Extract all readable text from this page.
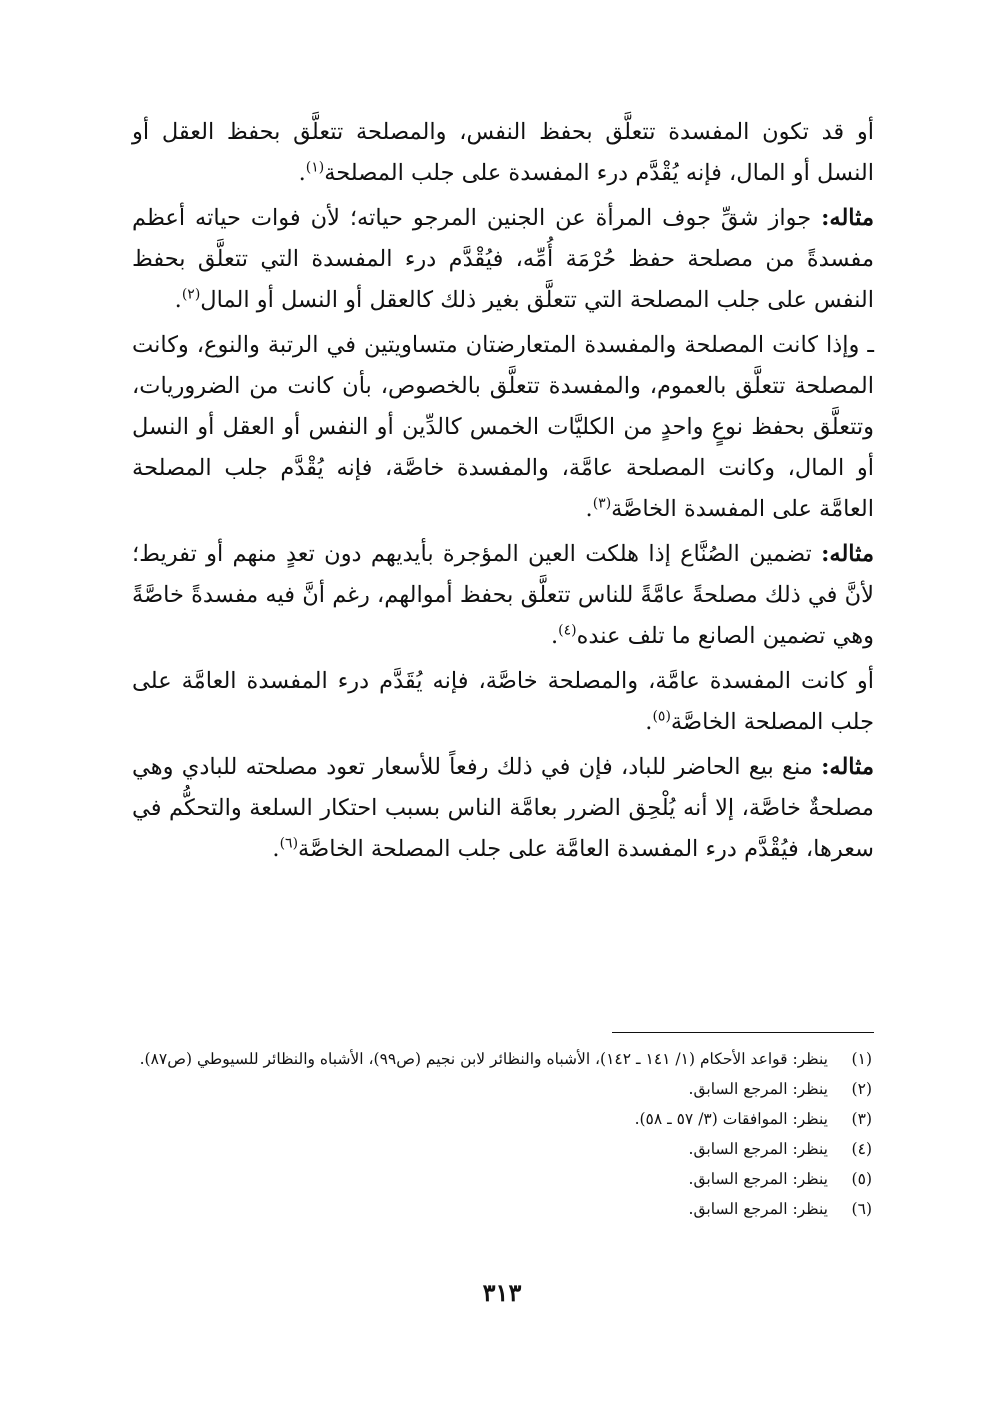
أو قد تكون المفسدة تتعلَّق بحفظ النفس، والمصلحة تتعلَّق بحفظ العقل أو النسل أو المال، فإنه يُقْدَّم درء المفسدة على جلب المصلحة$^{(١)}$.

مثاله: جواز شقِّ جوف المرأة عن الجنين المرجو حياته؛ لأن فوات حياته أعظم مفسدةً من مصلحة حفظ حُرْمَة أُمِّه، فيُقْدَّم درء المفسدة التي تتعلَّق بحفظ النفس على جلب المصلحة التي تتعلَّق بغير ذلك كالعقل أو النسل أو المال$^{(٢)}$.

ـ وإذا كانت المصلحة والمفسدة المتعارضتان متساويتين في الرتبة والنوع، وكانت المصلحة تتعلَّق بالعموم، والمفسدة تتعلَّق بالخصوص، بأن كانت من الضروريات، وتتعلَّق بحفظ نوعٍ واحدٍ من الكليَّات الخمس كالدِّين أو النفس أو العقل أو النسل أو المال، وكانت المصلحة عامَّة، والمفسدة خاصَّة، فإنه يُقْدَّم جلب المصلحة العامَّة على المفسدة الخاصَّة$^{(٣)}$.

مثاله: تضمين الصُنَّاع إذا هلكت العين المؤجرة بأيديهم دون تعدٍ منهم أو تفريط؛ لأنَّ في ذلك مصلحةً عامَّةً للناس تتعلَّق بحفظ أموالهم، رغم أنَّ فيه مفسدةً خاصَّةً وهي تضمين الصانع ما تلف عنده$^{(٤)}$.

أو كانت المفسدة عامَّة، والمصلحة خاصَّة، فإنه يُقَدَّم درء المفسدة العامَّة على جلب المصلحة الخاصَّة$^{(٥)}$.

مثاله: منع بيع الحاضر للباد، فإن في ذلك رفعاً للأسعار تعود مصلحته للبادي وهي مصلحةٌ خاصَّة، إلا أنه يُلْحِق الضرر بعامَّة الناس بسبب احتكار السلعة والتحكُّم في سعرها، فيُقْدَّم درء المفسدة العامَّة على جلب المصلحة الخاصَّة$^{(٦)}$.

(١)
ينظر: قواعد الأحكام (١/ ١٤١ ـ ١٤٢)، الأشباه والنظائر لابن نجيم (ص٩٩)، الأشباه والنظائر للسيوطي (ص٨٧).
(٢)
ينظر: المرجع السابق.
(٣)
ينظر: الموافقات (٣/ ٥٧ ـ ٥٨).
(٤)
ينظر: المرجع السابق.
(٥)
ينظر: المرجع السابق.
(٦)
ينظر: المرجع السابق.
٣١٣
